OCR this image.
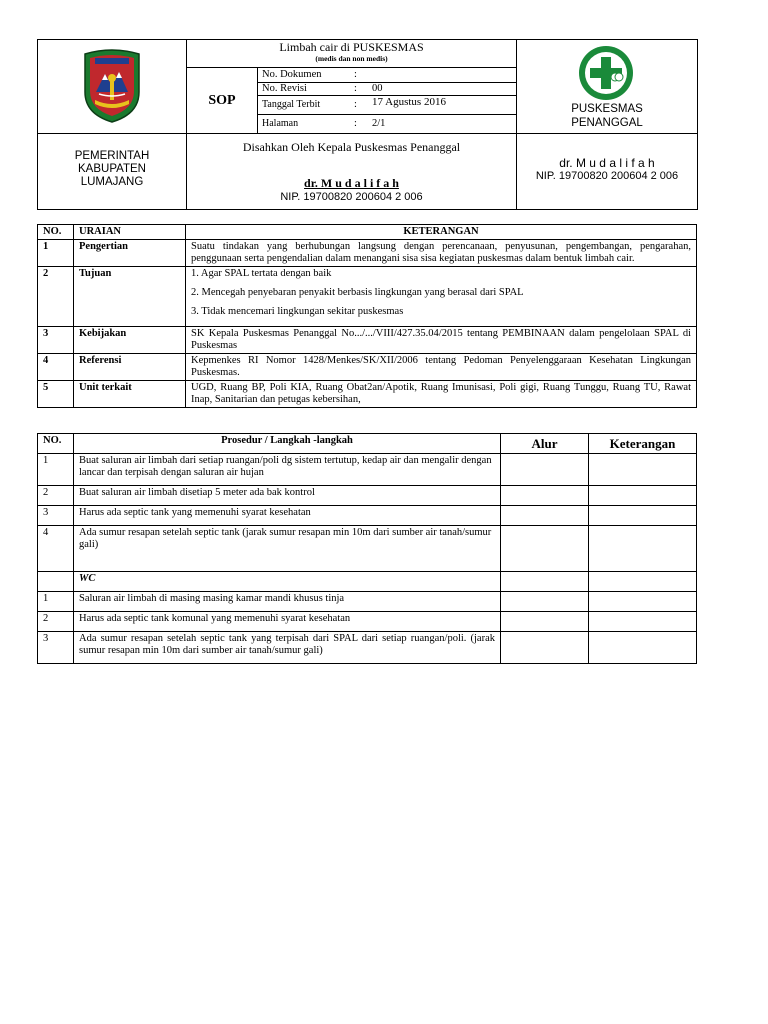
Limbah cair di PUSKESMAS
(medis dan non medis)
SOP
No. Dokumen	:	
No. Revisi	:	00
Tanggal Terbit	:	17 Agustus 2016
Halaman	:	2/1

PUSKESMAS
PENANGGAL

PEMERINTAH
KABUPATEN
LUMAJANG

Disahkan Oleh Kepala Puskesmas Penanggal
dr. M u d a l i f a h
NIP. 19700820 200604 2 006

dr. M u d a l i f a h
NIP. 19700820 200604 2 006
NO.	URAIAN	KETERANGAN
1	Pengertian	Suatu tindakan yang berhubungan langsung dengan perencanaan, penyusunan, pengembangan, pengarahan, penggunaan serta pengendalian dalam menangani sisa sisa kegiatan puskesmas dalam bentuk limbah cair.
2	Tujuan	1. Agar SPAL tertata dengan baik
2. Mencegah penyebaran penyakit berbasis lingkungan yang berasal dari SPAL
3. Tidak mencemari lingkungan sekitar puskesmas

3	Kebijakan	SK Kepala Puskesmas Penanggal No.../.../VIII/427.35.04/2015 tentang PEMBINAAN dalam pengelolaan SPAL di Puskesmas
4	Referensi	Kepmenkes RI Nomor 1428/Menkes/SK/XII/2006 tentang Pedoman Penyelenggaraan Kesehatan Lingkungan Puskesmas.
5	Unit terkait	UGD, Ruang BP, Poli KIA, Ruang Obat2an/Apotik, Ruang Imunisasi, Poli gigi, Ruang Tunggu, Ruang TU, Rawat Inap, Sanitarian dan petugas kebersihan,
NO.	Prosedur / Langkah -langkah	Alur	Keterangan
1	Buat saluran air limbah dari setiap ruangan/poli dg sistem tertutup, kedap air dan mengalir dengan lancar dan terpisah dengan saluran air hujan		
2	Buat saluran air limbah disetiap 5 meter ada bak kontrol		
3	Harus ada septic tank yang memenuhi syarat kesehatan		
4	Ada sumur resapan setelah septic tank (jarak sumur resapan min 10m dari sumber air tanah/sumur gali)		
	WC		
1	Saluran air limbah di masing masing kamar mandi khusus tinja		
2	Harus ada septic tank komunal yang memenuhi syarat kesehatan		
3	Ada sumur resapan setelah septic tank yang terpisah dari SPAL dari setiap ruangan/poli. (jarak sumur resapan min 10m dari sumber air tanah/sumur gali)		
